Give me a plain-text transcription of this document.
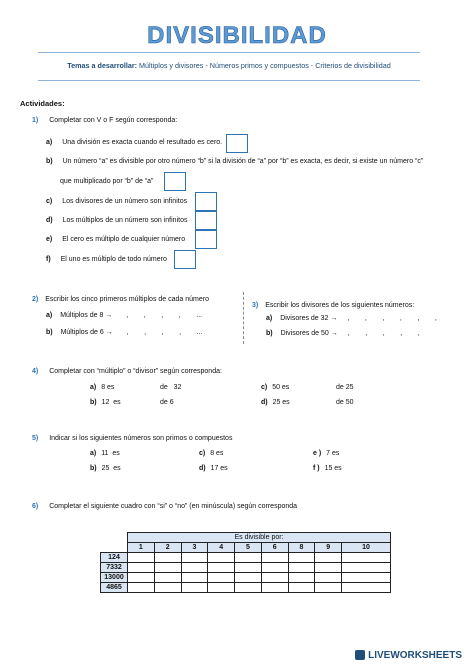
DIVISIBILIDAD
Temas a desarrollar: Múltiplos y divisores - Números primos y compuestos - Criterios de divisibilidad
Actividades:
1) Completar con V o F según corresponda:
a) Una división es exacta cuando el resultado es cero.
b) Un número “a” es divisible por otro número “b” si la división de “a” por “b” es exacta, es decir, si existe un número “c”
que multiplicado por “b” de “a”
c) Los divisores de un número son infinitos
d) Los múltiplos de un número son infinitos
e) El cero es múltiplo de cualquier número
f) El uno es múltiplo de todo número
2) Escribir los cinco primeros múltiplos de cada número
a) Múltiplos de 8 → ,        ,        ,        ,        ...
b) Múltiplos de 6 → ,        ,        ,        ,        ...
3) Escribir los divisores de los siguientes números:
a) Divisores de 32 → ,        ,        ,        ,        ,        ,
b) Divisores de 50 → ,        ,        ,        ,        ,
4) Completar con “múltiplo” o “divisor” según corresponda:
a) 8 es	de   32	c) 50 es	de 25
b) 12  es	de 6	d) 25 es	de 50
5) Indicar si los siguientes números son primos o compuestos
a) 11  es	c) 8 es	e ) 7 es
b) 25  es	d) 17 es	f ) 15 es
6) Completar el siguiente cuadro con “si” o “no” (en minúscula) según corresponda
	Es divisible por:								
	1	2	3	4	5	6	8	9	10
124									
7332									
13000									
4865									
LIVEWORKSHEETS
